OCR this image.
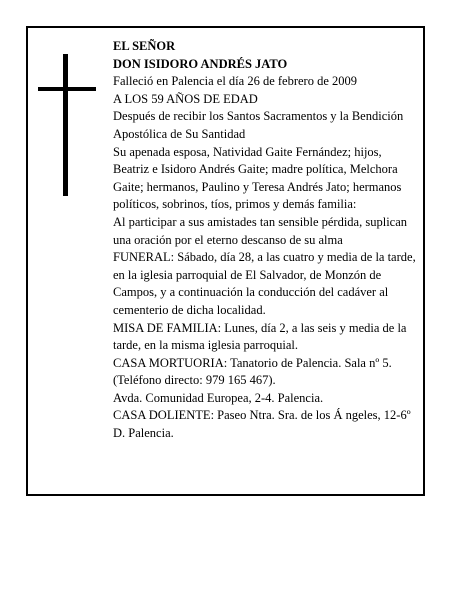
EL SEÑOR
DON ISIDORO ANDRÉS JATO
Falleció en Palencia el día 26 de febrero de 2009
A LOS 59 AÑOS DE EDAD
Después de recibir los Santos Sacramentos y la Bendición Apostólica de Su Santidad
Su apenada esposa, Natividad Gaite Fernández; hijos, Beatriz e Isidoro Andrés Gaite; madre política, Melchora Gaite; hermanos, Paulino y Teresa Andrés Jato; hermanos políticos, sobrinos, tíos, primos y demás familia:
Al participar a sus amistades tan sensible pérdida, suplican una oración por el eterno descanso de su alma
FUNERAL: Sábado, día 28, a las cuatro y media de la tarde, en la iglesia parroquial de El Salvador, de Monzón de Campos, y a continuación la conducción del cadáver al cementerio de dicha localidad.
MISA DE FAMILIA: Lunes, día 2, a las seis y media de la tarde, en la misma iglesia parroquial.
CASA MORTUORIA: Tanatorio de Palencia. Sala nº 5. (Teléfono directo: 979 165 467).
Avda. Comunidad Europea, 2-4. Palencia.
CASA DOLIENTE: Paseo Ntra. Sra. de los Á ngeles, 12-6º D. Palencia.
